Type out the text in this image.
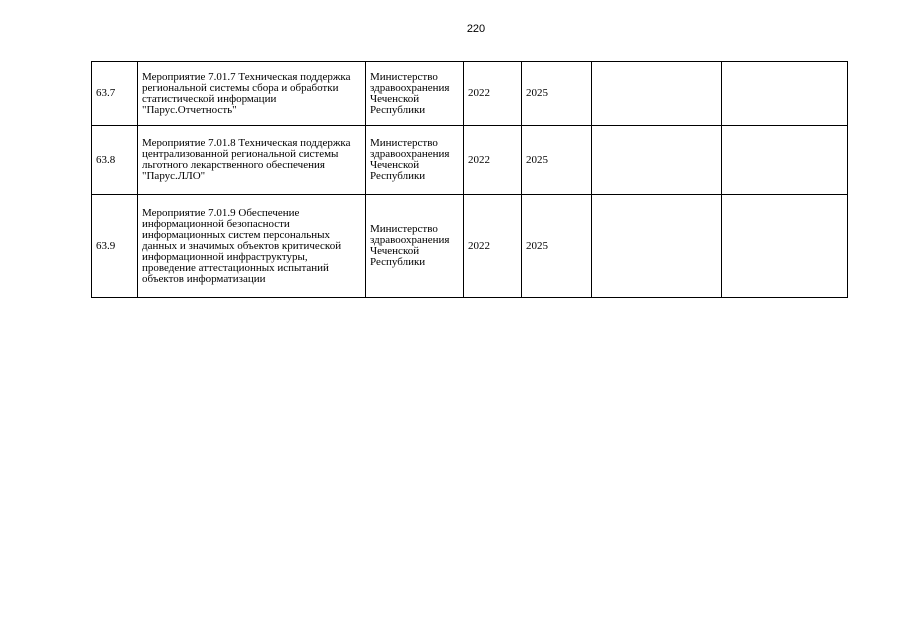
220
63.7	Мероприятие 7.01.7 Техническая поддержка региональной системы сбора и обработки статистической информации "Парус.Отчетность"	Министерство здравоохранения Чеченской Республики	2022	2025		
63.8	Мероприятие 7.01.8 Техническая поддержка централизованной региональной системы льготного лекарственного обеспечения "Парус.ЛЛО"	Министерство здравоохранения Чеченской Республики	2022	2025		
63.9	Мероприятие 7.01.9 Обеспечение информационной безопасности информационных систем персональных данных и значимых объектов критической информационной инфраструктуры, проведение аттестационных испытаний объектов информатизации	Министерство здравоохранения Чеченской Республики	2022	2025		
